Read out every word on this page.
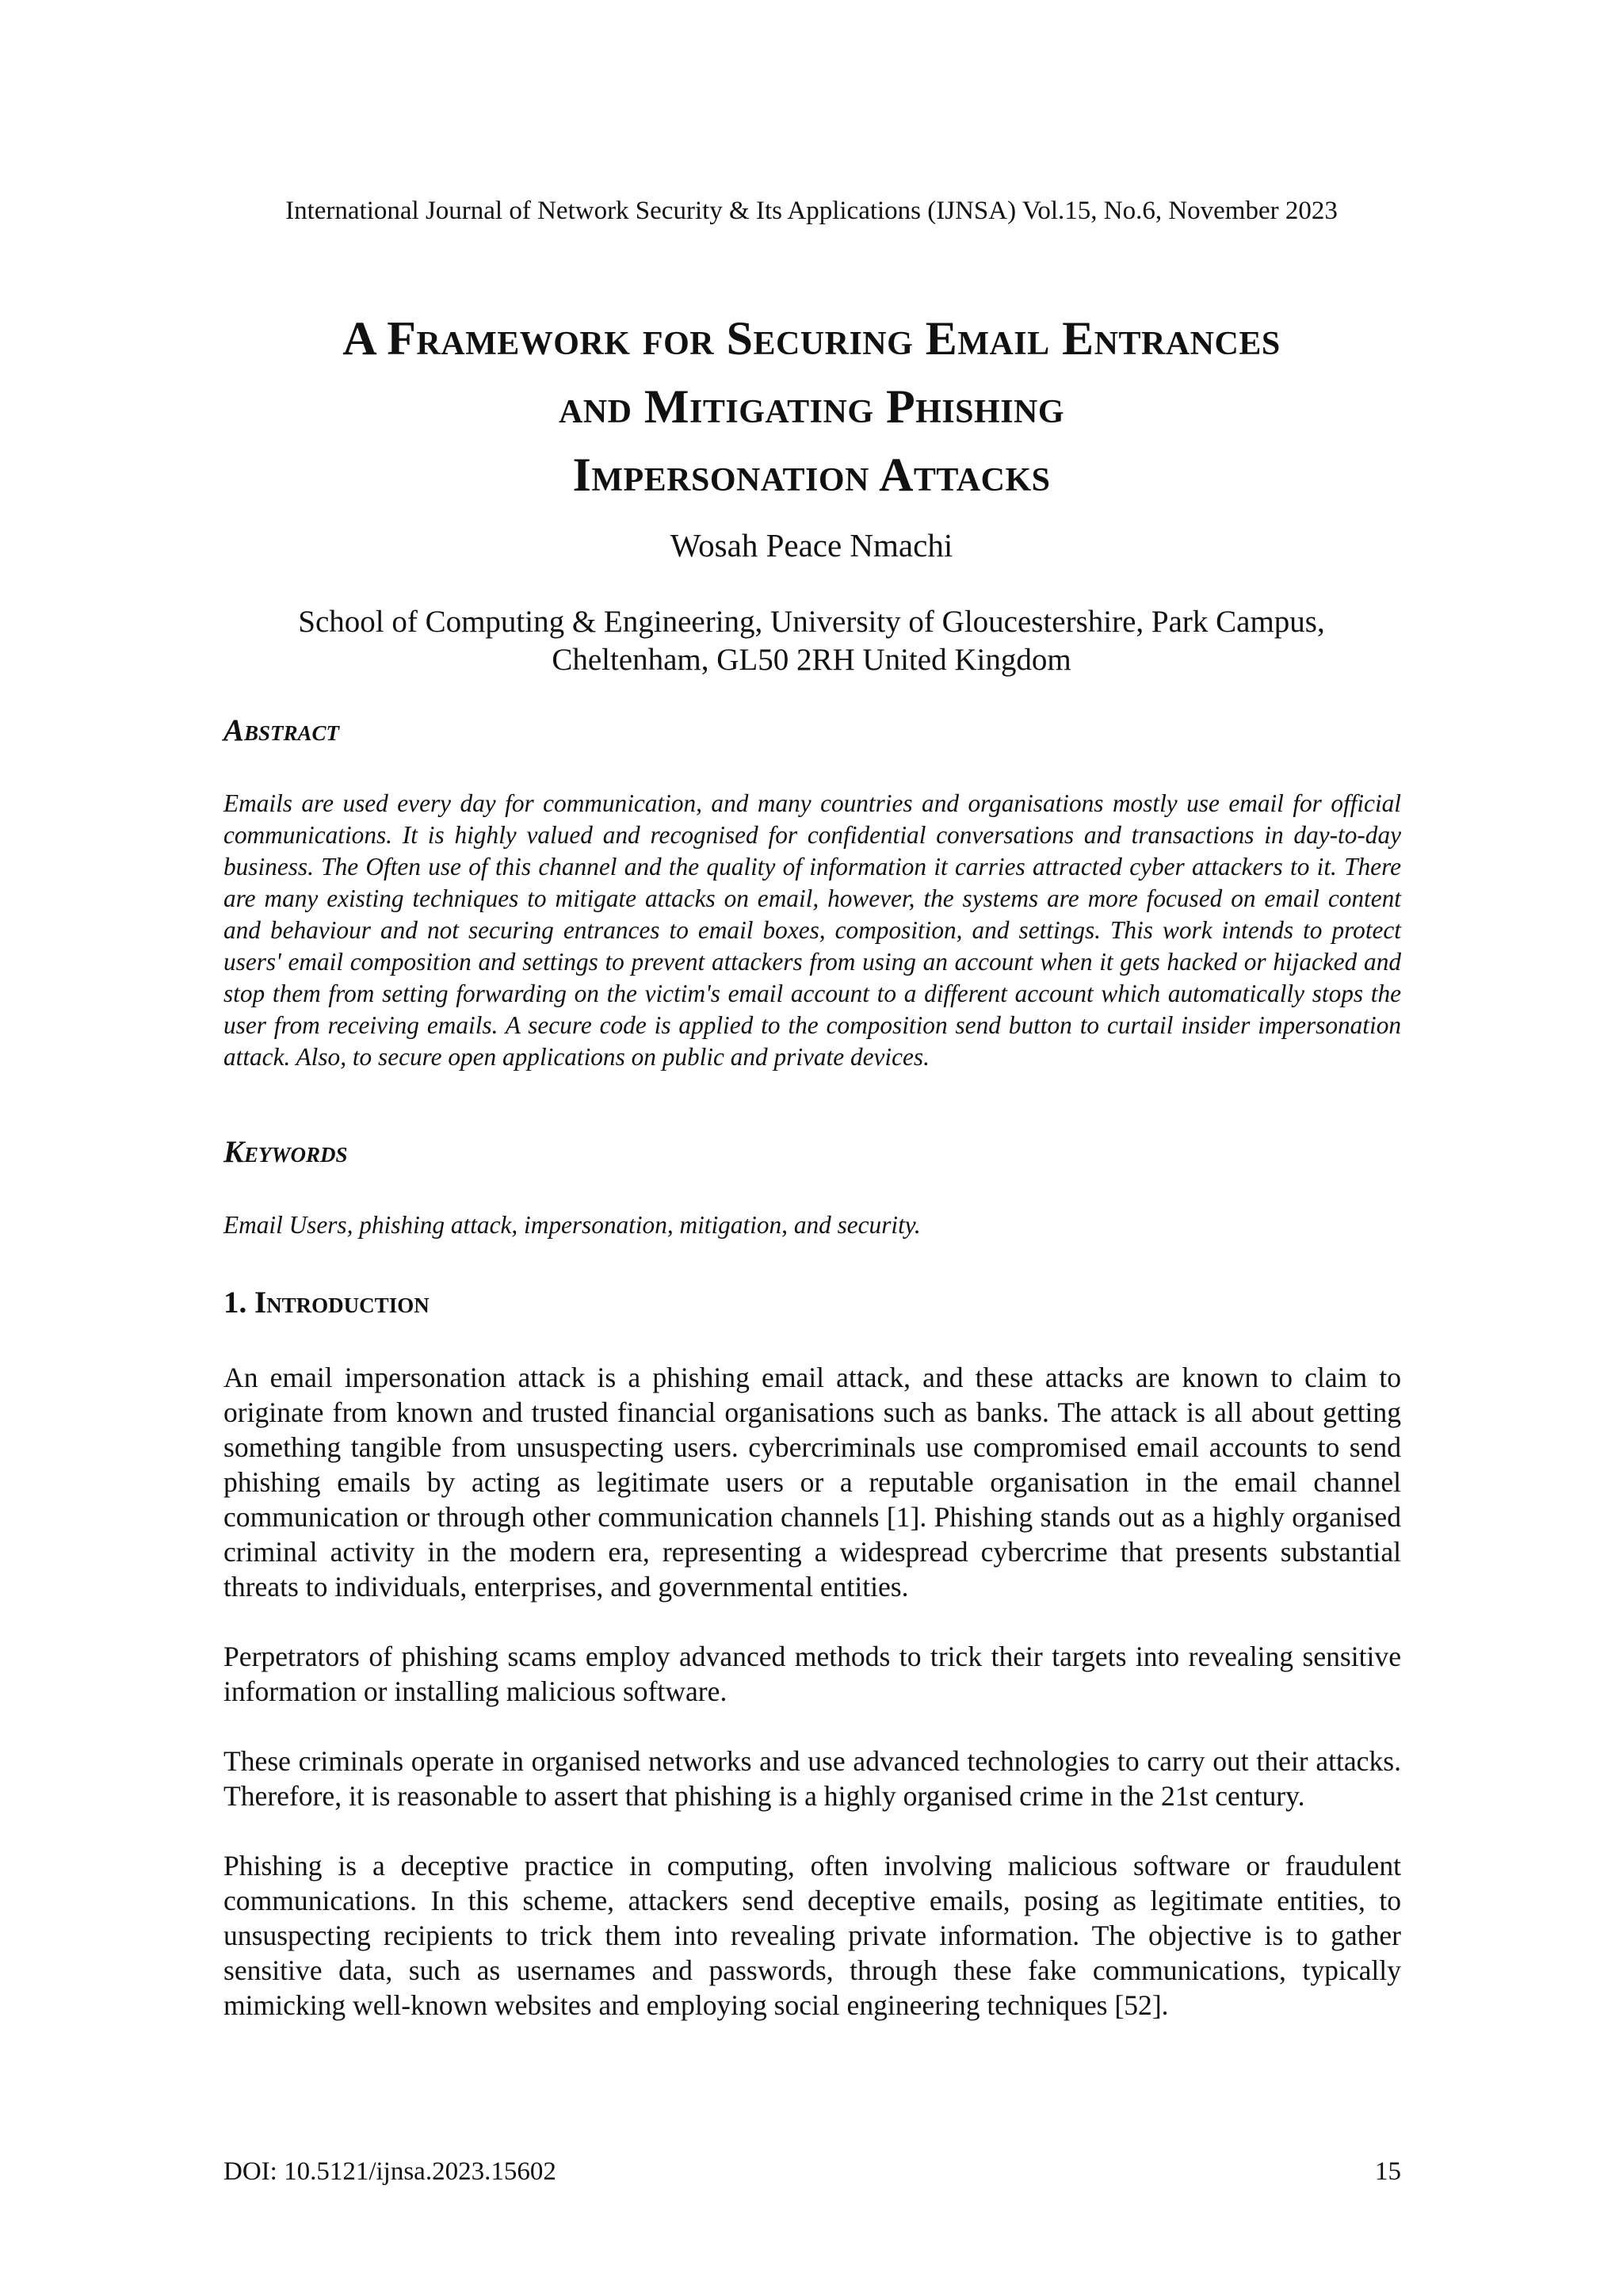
International Journal of Network Security & Its Applications (IJNSA) Vol.15, No.6, November 2023
A Framework for Securing Email Entrances
and Mitigating Phishing
Impersonation Attacks
Wosah Peace Nmachi
School of Computing & Engineering, University of Gloucestershire, Park Campus,
Cheltenham, GL50 2RH United Kingdom
Abstract
Emails are used every day for communication, and many countries and organisations mostly use email for official communications. It is highly valued and recognised for confidential conversations and transactions in day-to-day business. The Often use of this channel and the quality of information it carries attracted cyber attackers to it. There are many existing techniques to mitigate attacks on email, however, the systems are more focused on email content and behaviour and not securing entrances to email boxes, composition, and settings. This work intends to protect users' email composition and settings to prevent attackers from using an account when it gets hacked or hijacked and stop them from setting forwarding on the victim's email account to a different account which automatically stops the user from receiving emails. A secure code is applied to the composition send button to curtail insider impersonation attack. Also, to secure open applications on public and private devices.
Keywords
Email Users, phishing attack, impersonation, mitigation, and security.
1. Introduction

An email impersonation attack is a phishing email attack, and these attacks are known to claim to originate from known and trusted financial organisations such as banks. The attack is all about getting something tangible from unsuspecting users. cybercriminals use compromised email accounts to send phishing emails by acting as legitimate users or a reputable organisation in the email channel communication or through other communication channels [1]. Phishing stands out as a highly organised criminal activity in the modern era, representing a widespread cybercrime that presents substantial threats to individuals, enterprises, and governmental entities.

Perpetrators of phishing scams employ advanced methods to trick their targets into revealing sensitive information or installing malicious software.

These criminals operate in organised networks and use advanced technologies to carry out their attacks. Therefore, it is reasonable to assert that phishing is a highly organised crime in the 21st century.

Phishing is a deceptive practice in computing, often involving malicious software or fraudulent communications. In this scheme, attackers send deceptive emails, posing as legitimate entities, to unsuspecting recipients to trick them into revealing private information. The objective is to gather sensitive data, such as usernames and passwords, through these fake communications, typically mimicking well-known websites and employing social engineering techniques [52].

DOI: 10.5121/ijnsa.2023.15602	15
